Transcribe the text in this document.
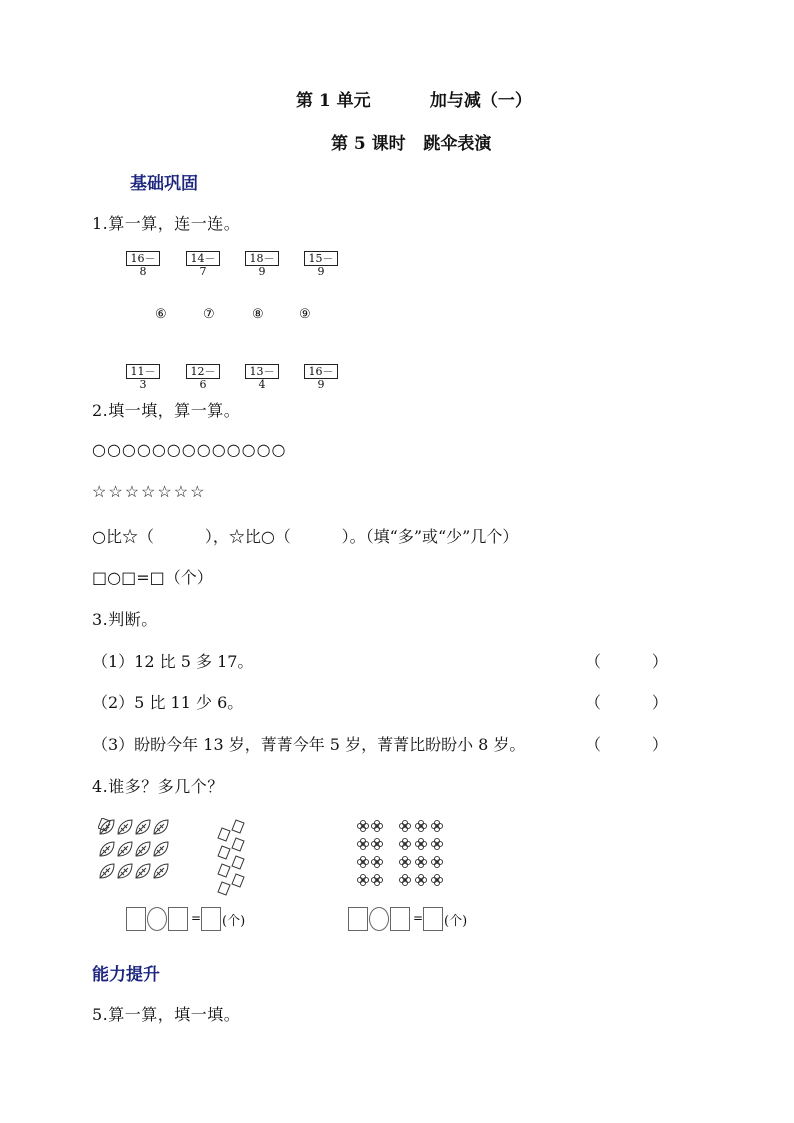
第 1 单元          加与减（一）
第 5 课时   跳伞表演
基础巩固
1.算一算，连一连。
16－8
14－7
18－9
15－9
⑥	⑦	⑧	⑨
11－3
12－6
13－4
16－9
2.填一填，算一算。
○○○○○○○○○○○○○
☆☆☆☆☆☆☆
○比☆（          ），☆比○（          ）。（填“多”或“少”几个）
□○□=□（个）
3.判断。
（1）12 比 5 多 17。	（          ）
（2）5 比 11 少 6。	（          ）
（3）盼盼今年 13 岁，菁菁今年 5 岁，菁菁比盼盼小 8 岁。	（          ）
4.谁多？多几个？
= (个)	= (个)
能力提升
5.算一算，填一填。
